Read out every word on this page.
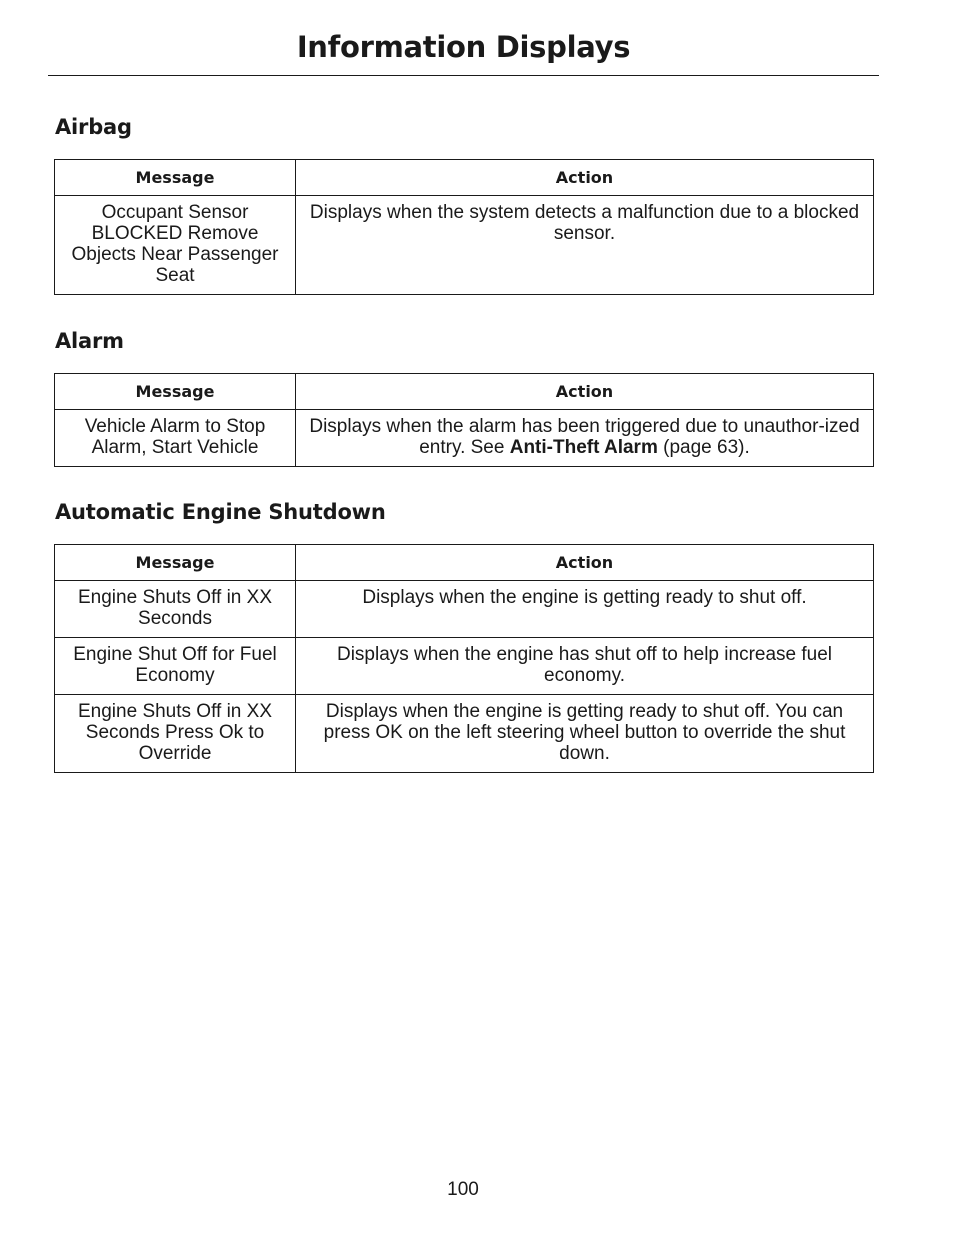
Information Displays
Airbag
Message	Action
Occupant Sensor BLOCKED Remove Objects Near Passenger Seat	Displays when the system detects a malfunction due to a blocked sensor.
Alarm
Message	Action
Vehicle Alarm to Stop Alarm, Start Vehicle	Displays when the alarm has been triggered due to unauthor-ized entry. See Anti-Theft Alarm (page 63).
Automatic Engine Shutdown
Message	Action
Engine Shuts Off in XX Seconds	Displays when the engine is getting ready to shut off.
Engine Shut Off for Fuel Economy	Displays when the engine has shut off to help increase fuel economy.
Engine Shuts Off in XX Seconds Press Ok to Override	Displays when the engine is getting ready to shut off. You can press OK on the left steering wheel button to override the shut down.
100
